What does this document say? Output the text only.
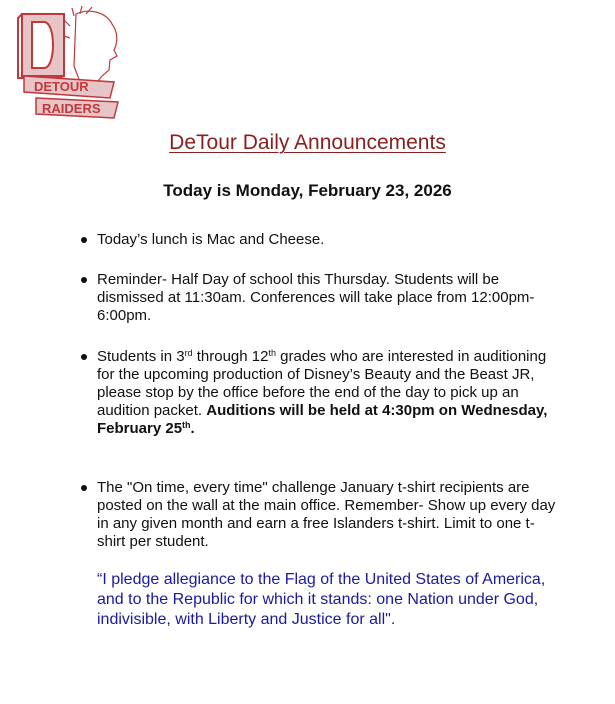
DETOUR
RAIDERS
DeTour Daily Announcements
Today is Monday, February 23, 2026
Today’s lunch is Mac and Cheese.
Reminder- Half Day of school this Thursday. Students will be dismissed at 11:30am. Conferences will take place from 12:00pm-6:00pm.
Students in 3rd through 12th grades who are interested in auditioning for the upcoming production of Disney’s Beauty and the Beast JR, please stop by the office before the end of the day to pick up an audition packet. Auditions will be held at 4:30pm on Wednesday, February 25th.
The "On time, every time" challenge January t-shirt recipients are posted on the wall at the main office. Remember- Show up every day in any given month and earn a free Islanders t-shirt. Limit to one t-shirt per student.
“I pledge allegiance to the Flag of the United States of America, and to the Republic for which it stands: one Nation under God, indivisible, with Liberty and Justice for all".
